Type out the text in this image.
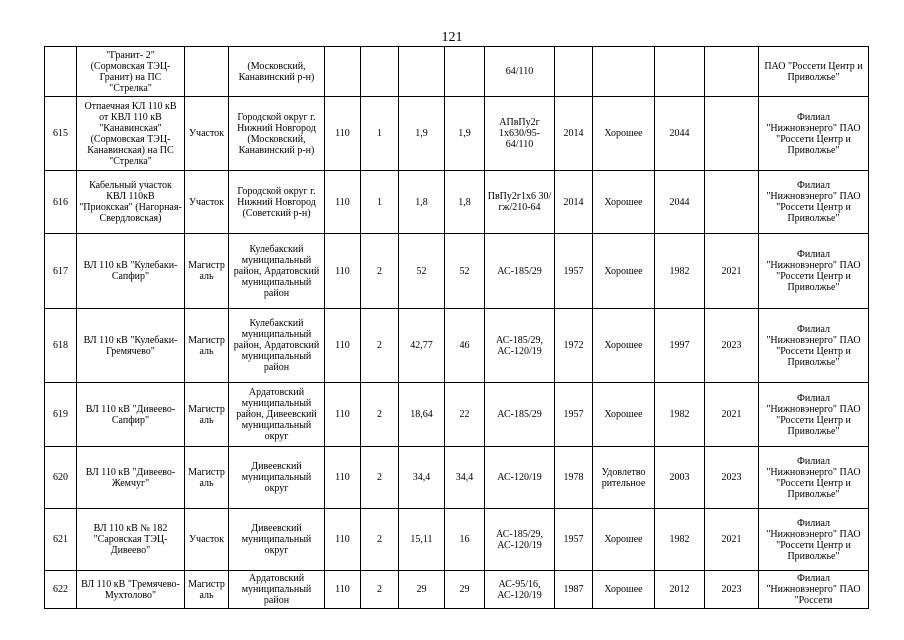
121
	"Гранит- 2" (Сормовская ТЭЦ-Гранит) на ПС "Стрелка"		(Московский, Канавинский р-н)					64/110					ПАО "Россети Центр и Приволжье"
615	Отпаечная КЛ 110 кВ от КВЛ 110 кВ "Канавинская" (Сормовская ТЭЦ-Канавинская) на ПС "Стрелка"	Участок	Городской округ г. Нижний Новгород (Московский, Канавинский р-н)	110	1	1,9	1,9	АПвПу2г 1х630/95-64/110	2014	Хорошее	2044		Филиал "Нижновэнерго" ПАО "Россети Центр и Приволжье"
616	Кабельный участок КВЛ 110кВ "Приокская" (Нагорная-Свердловская)	Участок	Городской округ г. Нижний Новгород (Советский р-н)	110	1	1,8	1,8	ПвПу2г1х6 30/гж/210-64	2014	Хорошее	2044		Филиал "Нижновэнерго" ПАО "Россети Центр и Приволжье"
617	ВЛ 110 кВ "Кулебаки-Сапфир"	Магистр аль	Кулебакский муниципальный район, Ардатовский муниципальный район	110	2	52	52	АС-185/29	1957	Хорошее	1982	2021	Филиал "Нижновэнерго" ПАО "Россети Центр и Приволжье"
618	ВЛ 110 кВ "Кулебаки-Гремячево"	Магистр аль	Кулебакский муниципальный район, Ардатовский муниципальный район	110	2	42,77	46	АС-185/29, АС-120/19	1972	Хорошее	1997	2023	Филиал "Нижновэнерго" ПАО "Россети Центр и Приволжье"
619	ВЛ 110 кВ "Дивеево-Сапфир"	Магистр аль	Ардатовский муниципальный район, Дивеевский муниципальный округ	110	2	18,64	22	АС-185/29	1957	Хорошее	1982	2021	Филиал "Нижновэнерго" ПАО "Россети Центр и Приволжье"
620	ВЛ 110 кВ "Дивеево-Жемчуг"	Магистр аль	Дивеевский муниципальный округ	110	2	34,4	34,4	АС-120/19	1978	Удовлетво рительное	2003	2023	Филиал "Нижновэнерго" ПАО "Россети Центр и Приволжье"
621	ВЛ 110 кВ № 182 "Саровская ТЭЦ-Дивеево"	Участок	Дивеевский муниципальный округ	110	2	15,11	16	АС-185/29, АС-120/19	1957	Хорошее	1982	2021	Филиал "Нижновэнерго" ПАО "Россети Центр и Приволжье"
622	ВЛ 110 кВ "Гремячево-Мухтолово"	Магистр аль	Ардатовский муниципальный район	110	2	29	29	АС-95/16, АС-120/19	1987	Хорошее	2012	2023	Филиал "Нижновэнерго" ПАО "Россети
